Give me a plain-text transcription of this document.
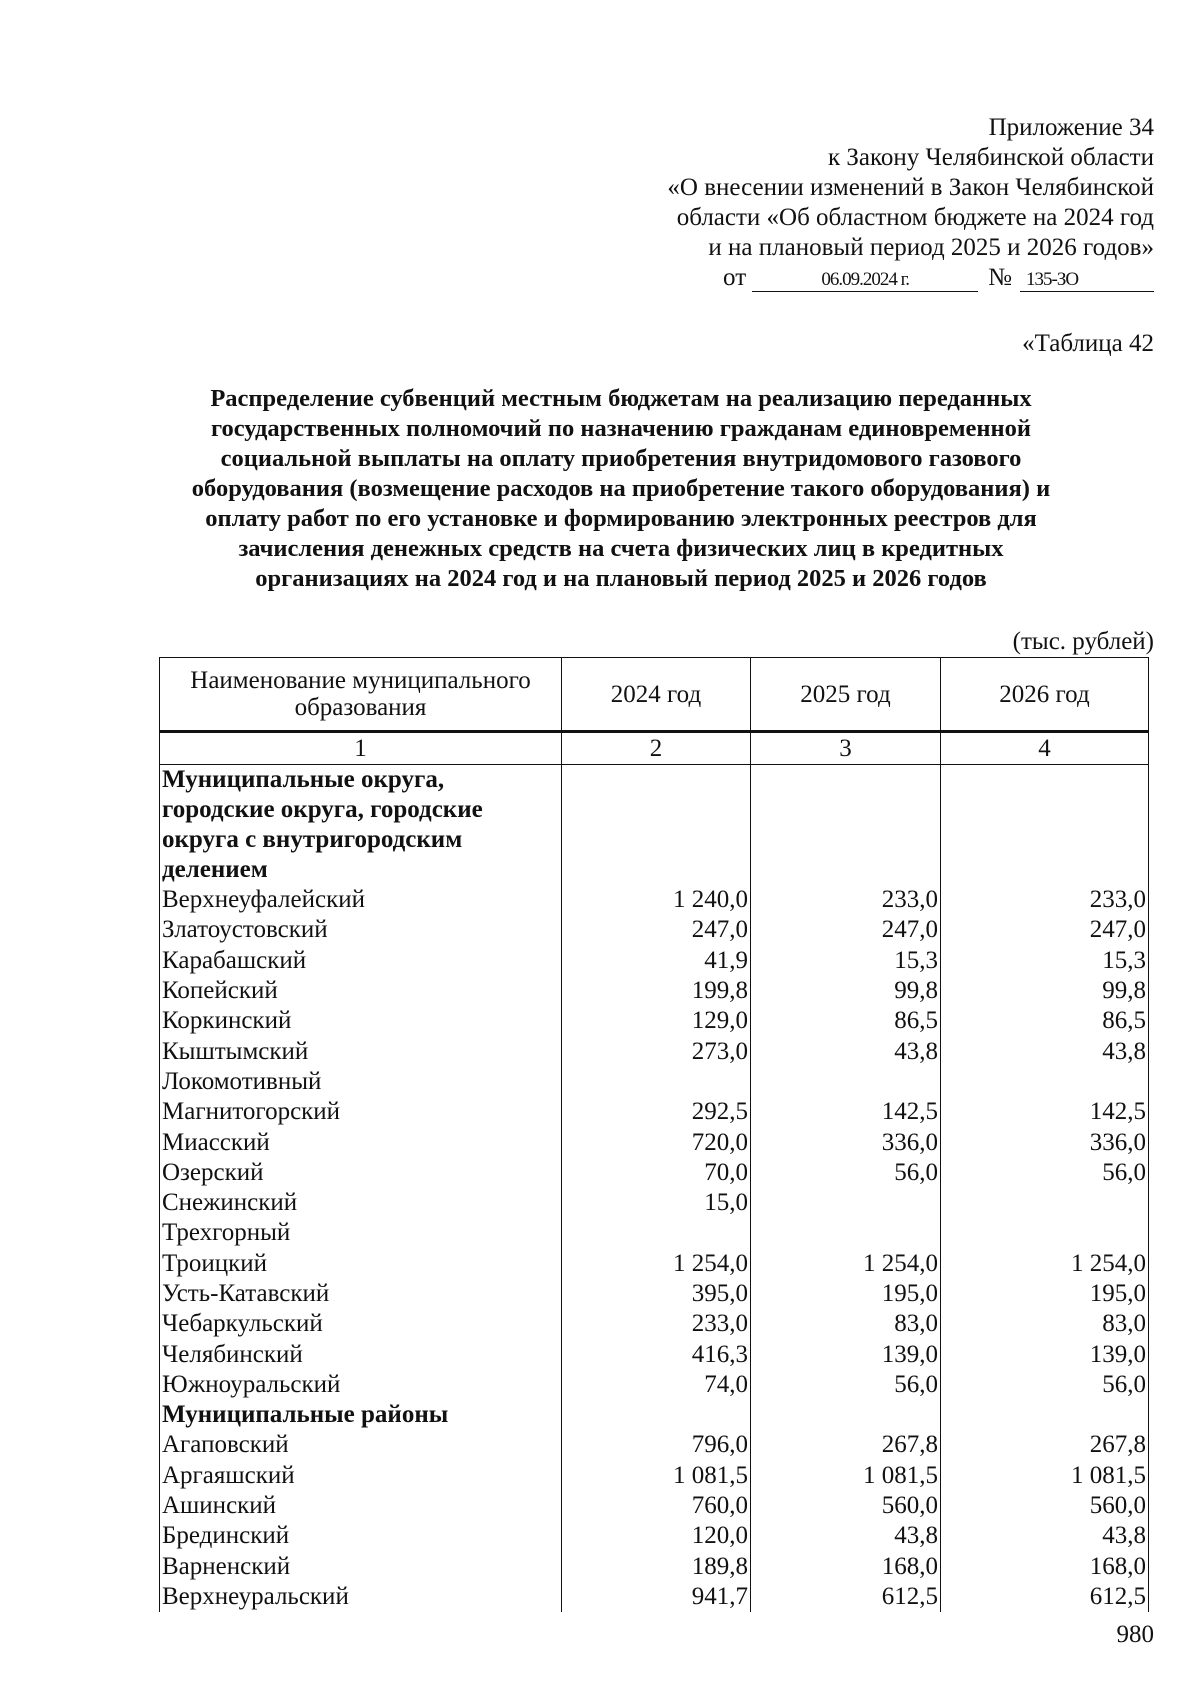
Приложение 34
к Закону Челябинской области
«О внесении изменений в Закон Челябинской
области «Об областном бюджете на 2024 год
и на плановый период 2025 и 2026 годов»
от	06.09.2024 г.	№ 135-ЗО
«Таблица 42
Распределение субвенций местным бюджетам на реализацию переданных
государственных полномочий по назначению гражданам единовременной
социальной выплаты на оплату приобретения внутридомового газового
оборудования (возмещение расходов на приобретение такого оборудования) и
оплату работ по его установке и формированию электронных реестров для
зачисления денежных средств на счета физических лиц в кредитных
организациях на 2024 год и на плановый период 2025 и 2026 годов
(тыс. рублей)
Наименование муниципального образования	2024 год	2025 год	2026 год
1	2	3	4
Муниципальные округа, городские округа, городские округа с внутригородским делением			
Верхнеуфалейский	1 240,0	233,0	233,0
Златоустовский	247,0	247,0	247,0
Карабашский	41,9	15,3	15,3
Копейский	199,8	99,8	99,8
Коркинский	129,0	86,5	86,5
Кыштымский	273,0	43,8	43,8
Локомотивный			
Магнитогорский	292,5	142,5	142,5
Миасский	720,0	336,0	336,0
Озерский	70,0	56,0	56,0
Снежинский	15,0		
Трехгорный			
Троицкий	1 254,0	1 254,0	1 254,0
Усть-Катавский	395,0	195,0	195,0
Чебаркульский	233,0	83,0	83,0
Челябинский	416,3	139,0	139,0
Южноуральский	74,0	56,0	56,0
Муниципальные районы			
Агаповский	796,0	267,8	267,8
Аргаяшский	1 081,5	1 081,5	1 081,5
Ашинский	760,0	560,0	560,0
Брединский	120,0	43,8	43,8
Варненский	189,8	168,0	168,0
Верхнеуральский	941,7	612,5	612,5
980
